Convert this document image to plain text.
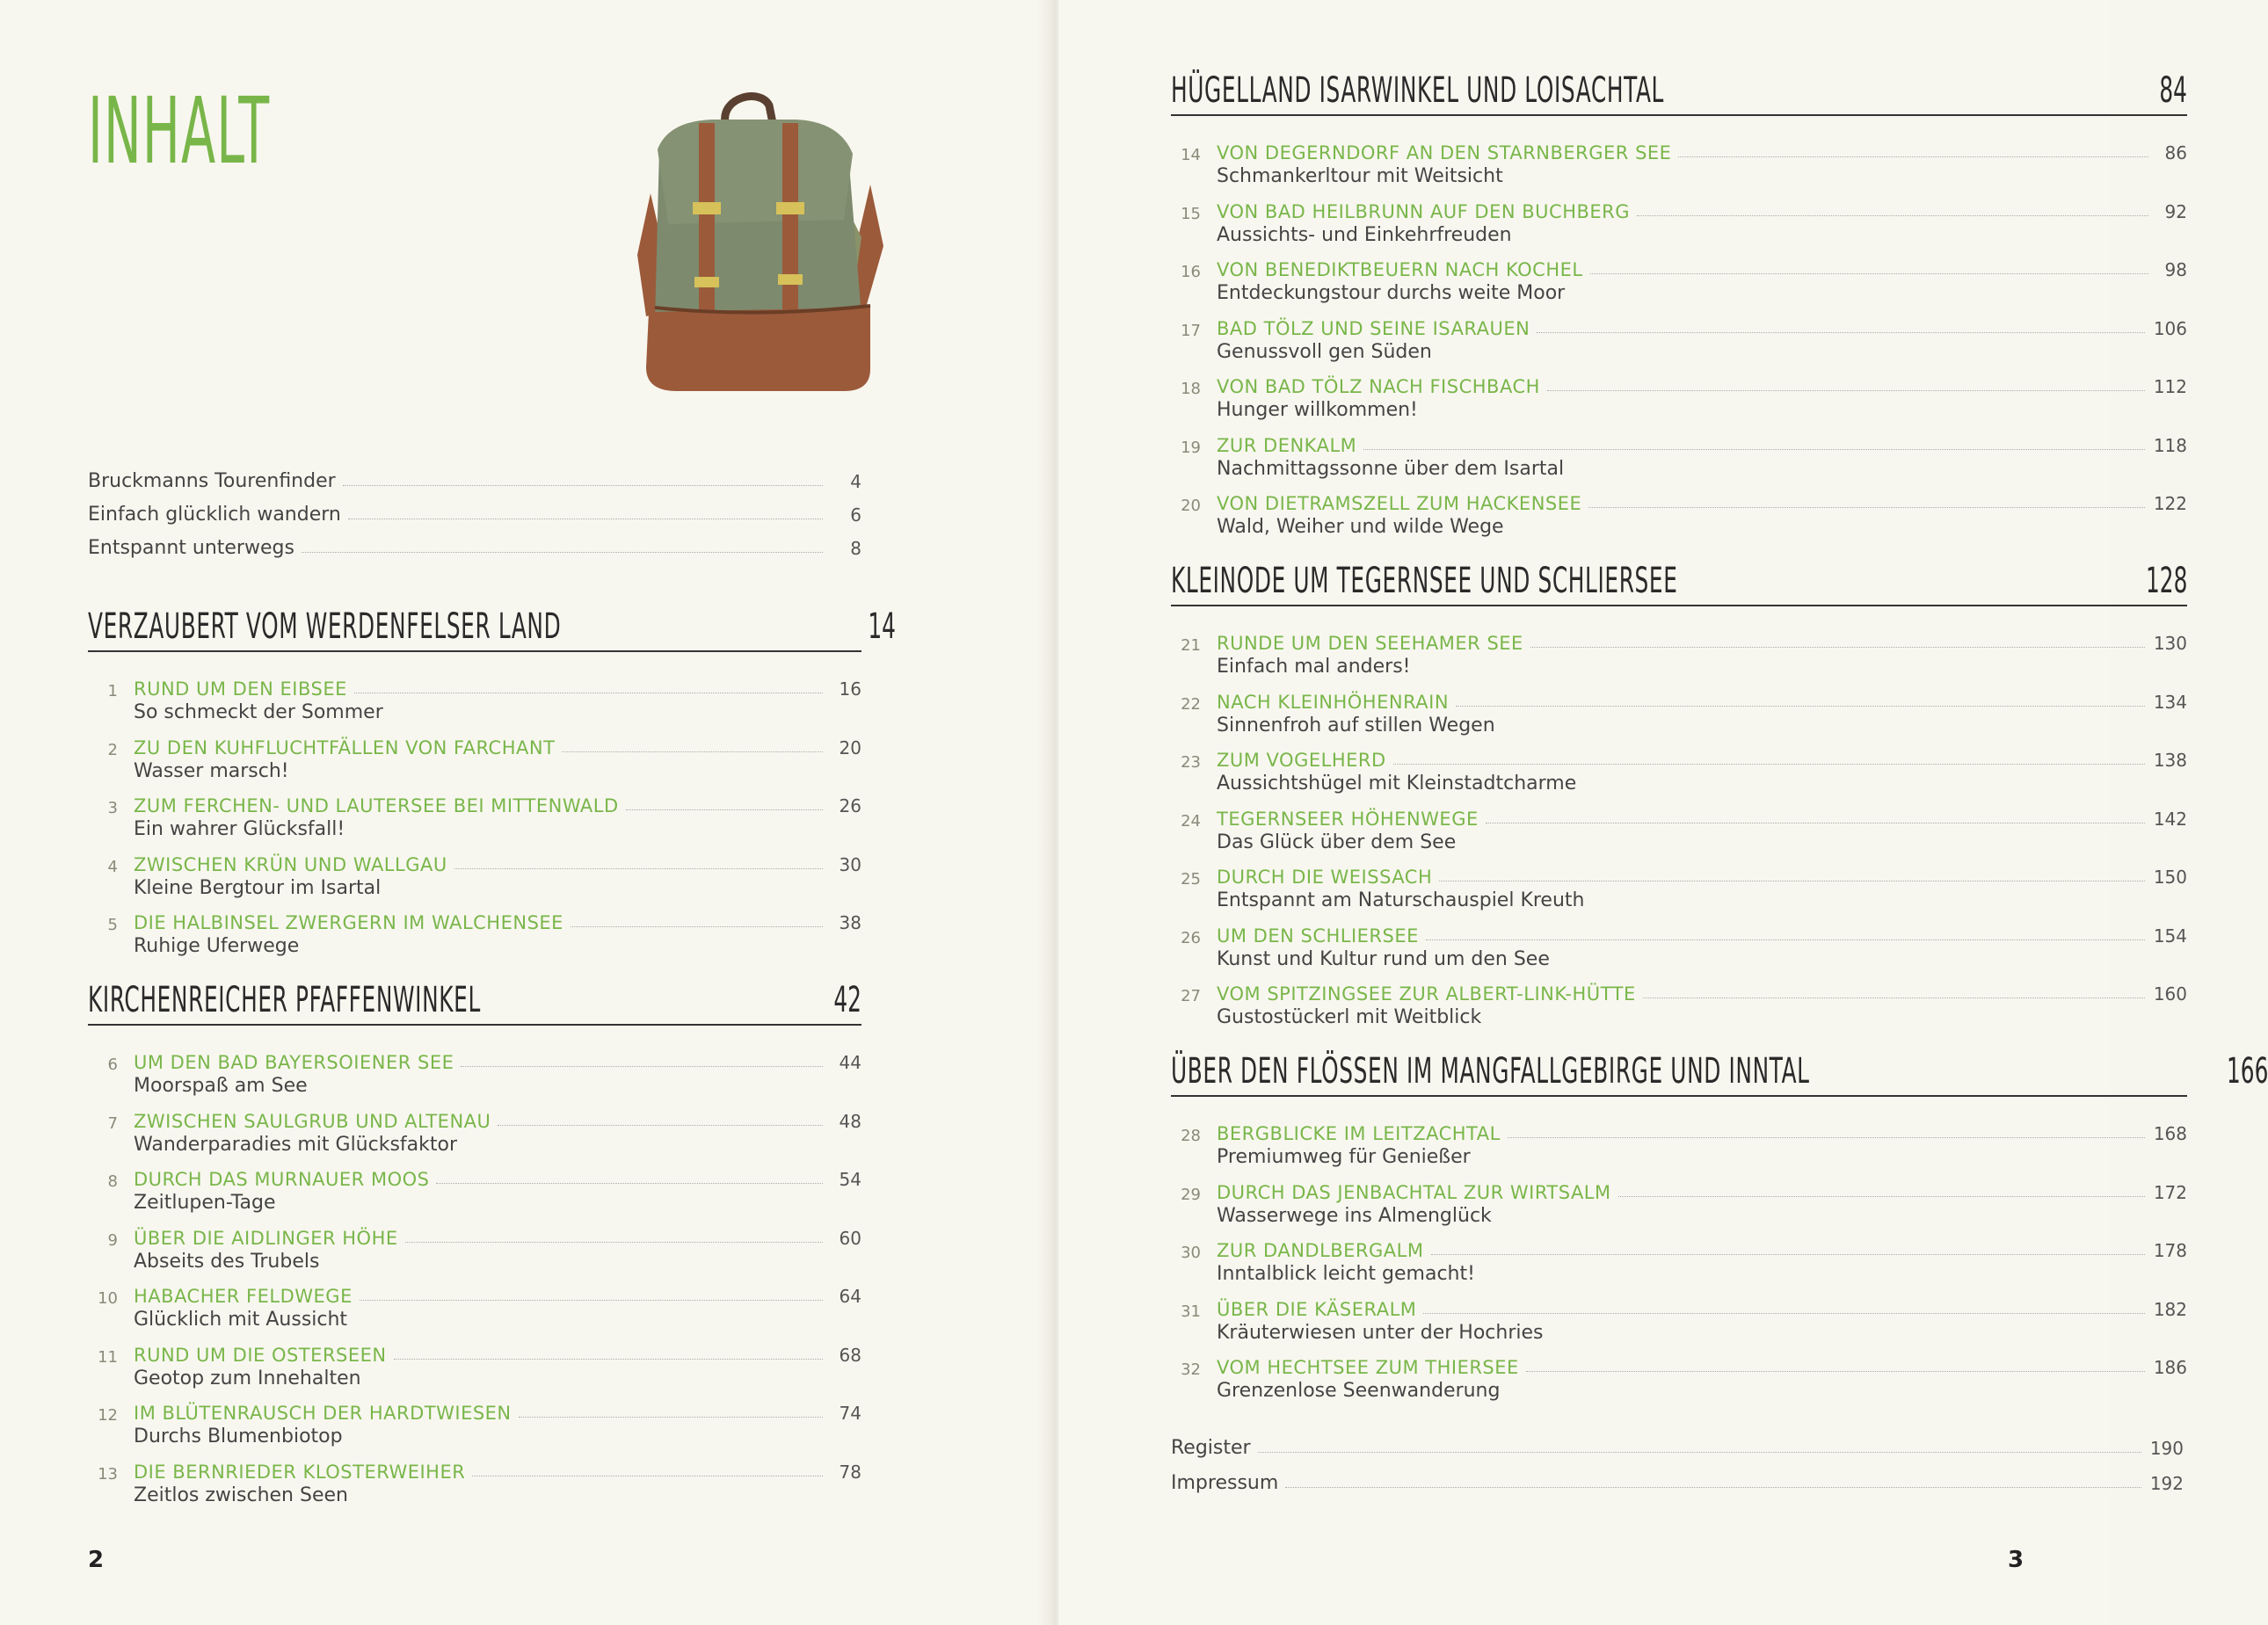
INHALT
Bruckmanns Tourenfinder	4
Einfach glücklich wandern	6
Entspannt unterwegs	8
VERZAUBERT VOM WERDENFELSER LAND	14
1 RUND UM DEN EIBSEE	16
So schmeckt der Sommer
2 ZU DEN KUHFLUCHTFÄLLEN VON FARCHANT	20
Wasser marsch!
3 ZUM FERCHEN- UND LAUTERSEE BEI MITTENWALD	26
Ein wahrer Glücksfall!
4 ZWISCHEN KRÜN UND WALLGAU	30
Kleine Bergtour im Isartal
5 DIE HALBINSEL ZWERGERN IM WALCHENSEE	38
Ruhige Uferwege
KIRCHENREICHER PFAFFENWINKEL	42
6 UM DEN BAD BAYERSOIENER SEE	44
Moorspaß am See
7 ZWISCHEN SAULGRUB UND ALTENAU	48
Wanderparadies mit Glücksfaktor
8 DURCH DAS MURNAUER MOOS	54
Zeitlupen-Tage
9 ÜBER DIE AIDLINGER HÖHE	60
Abseits des Trubels
10 HABACHER FELDWEGE	64
Glücklich mit Aussicht
11 RUND UM DIE OSTERSEEN	68
Geotop zum Innehalten
12 IM BLÜTENRAUSCH DER HARDTWIESEN	74
Durchs Blumenbiotop
13 DIE BERNRIEDER KLOSTERWEIHER	78
Zeitlos zwischen Seen
2
HÜGELLAND ISARWINKEL UND LOISACHTAL	84
14 VON DEGERNDORF AN DEN STARNBERGER SEE	86
Schmankerltour mit Weitsicht
15 VON BAD HEILBRUNN AUF DEN BUCHBERG	92
Aussichts- und Einkehrfreuden
16 VON BENEDIKTBEUERN NACH KOCHEL	98
Entdeckungstour durchs weite Moor
17 BAD TÖLZ UND SEINE ISARAUEN	106
Genussvoll gen Süden
18 VON BAD TÖLZ NACH FISCHBACH	112
Hunger willkommen!
19 ZUR DENKALM	118
Nachmittagssonne über dem Isartal
20 VON DIETRAMSZELL ZUM HACKENSEE	122
Wald, Weiher und wilde Wege
KLEINODE UM TEGERNSEE UND SCHLIERSEE	128
21 RUNDE UM DEN SEEHAMER SEE	130
Einfach mal anders!
22 NACH KLEINHÖHENRAIN	134
Sinnenfroh auf stillen Wegen
23 ZUM VOGELHERD	138
Aussichtshügel mit Kleinstadtcharme
24 TEGERNSEER HÖHENWEGE	142
Das Glück über dem See
25 DURCH DIE WEISSACH	150
Entspannt am Naturschauspiel Kreuth
26 UM DEN SCHLIERSEE	154
Kunst und Kultur rund um den See
27 VOM SPITZINGSEE ZUR ALBERT-LINK-HÜTTE	160
Gustostückerl mit Weitblick
ÜBER DEN FLÖSSEN IM MANGFALLGEBIRGE UND INNTAL	166
28 BERGBLICKE IM LEITZACHTAL	168
Premiumweg für Genießer
29 DURCH DAS JENBACHTAL ZUR WIRTSALM	172
Wasserwege ins Almenglück
30 ZUR DANDLBERGALM	178
Inntalblick leicht gemacht!
31 ÜBER DIE KÄSERALM	182
Kräuterwiesen unter der Hochries
32 VOM HECHTSEE ZUM THIERSEE	186
Grenzenlose Seenwanderung
Register	190
Impressum	192
3
